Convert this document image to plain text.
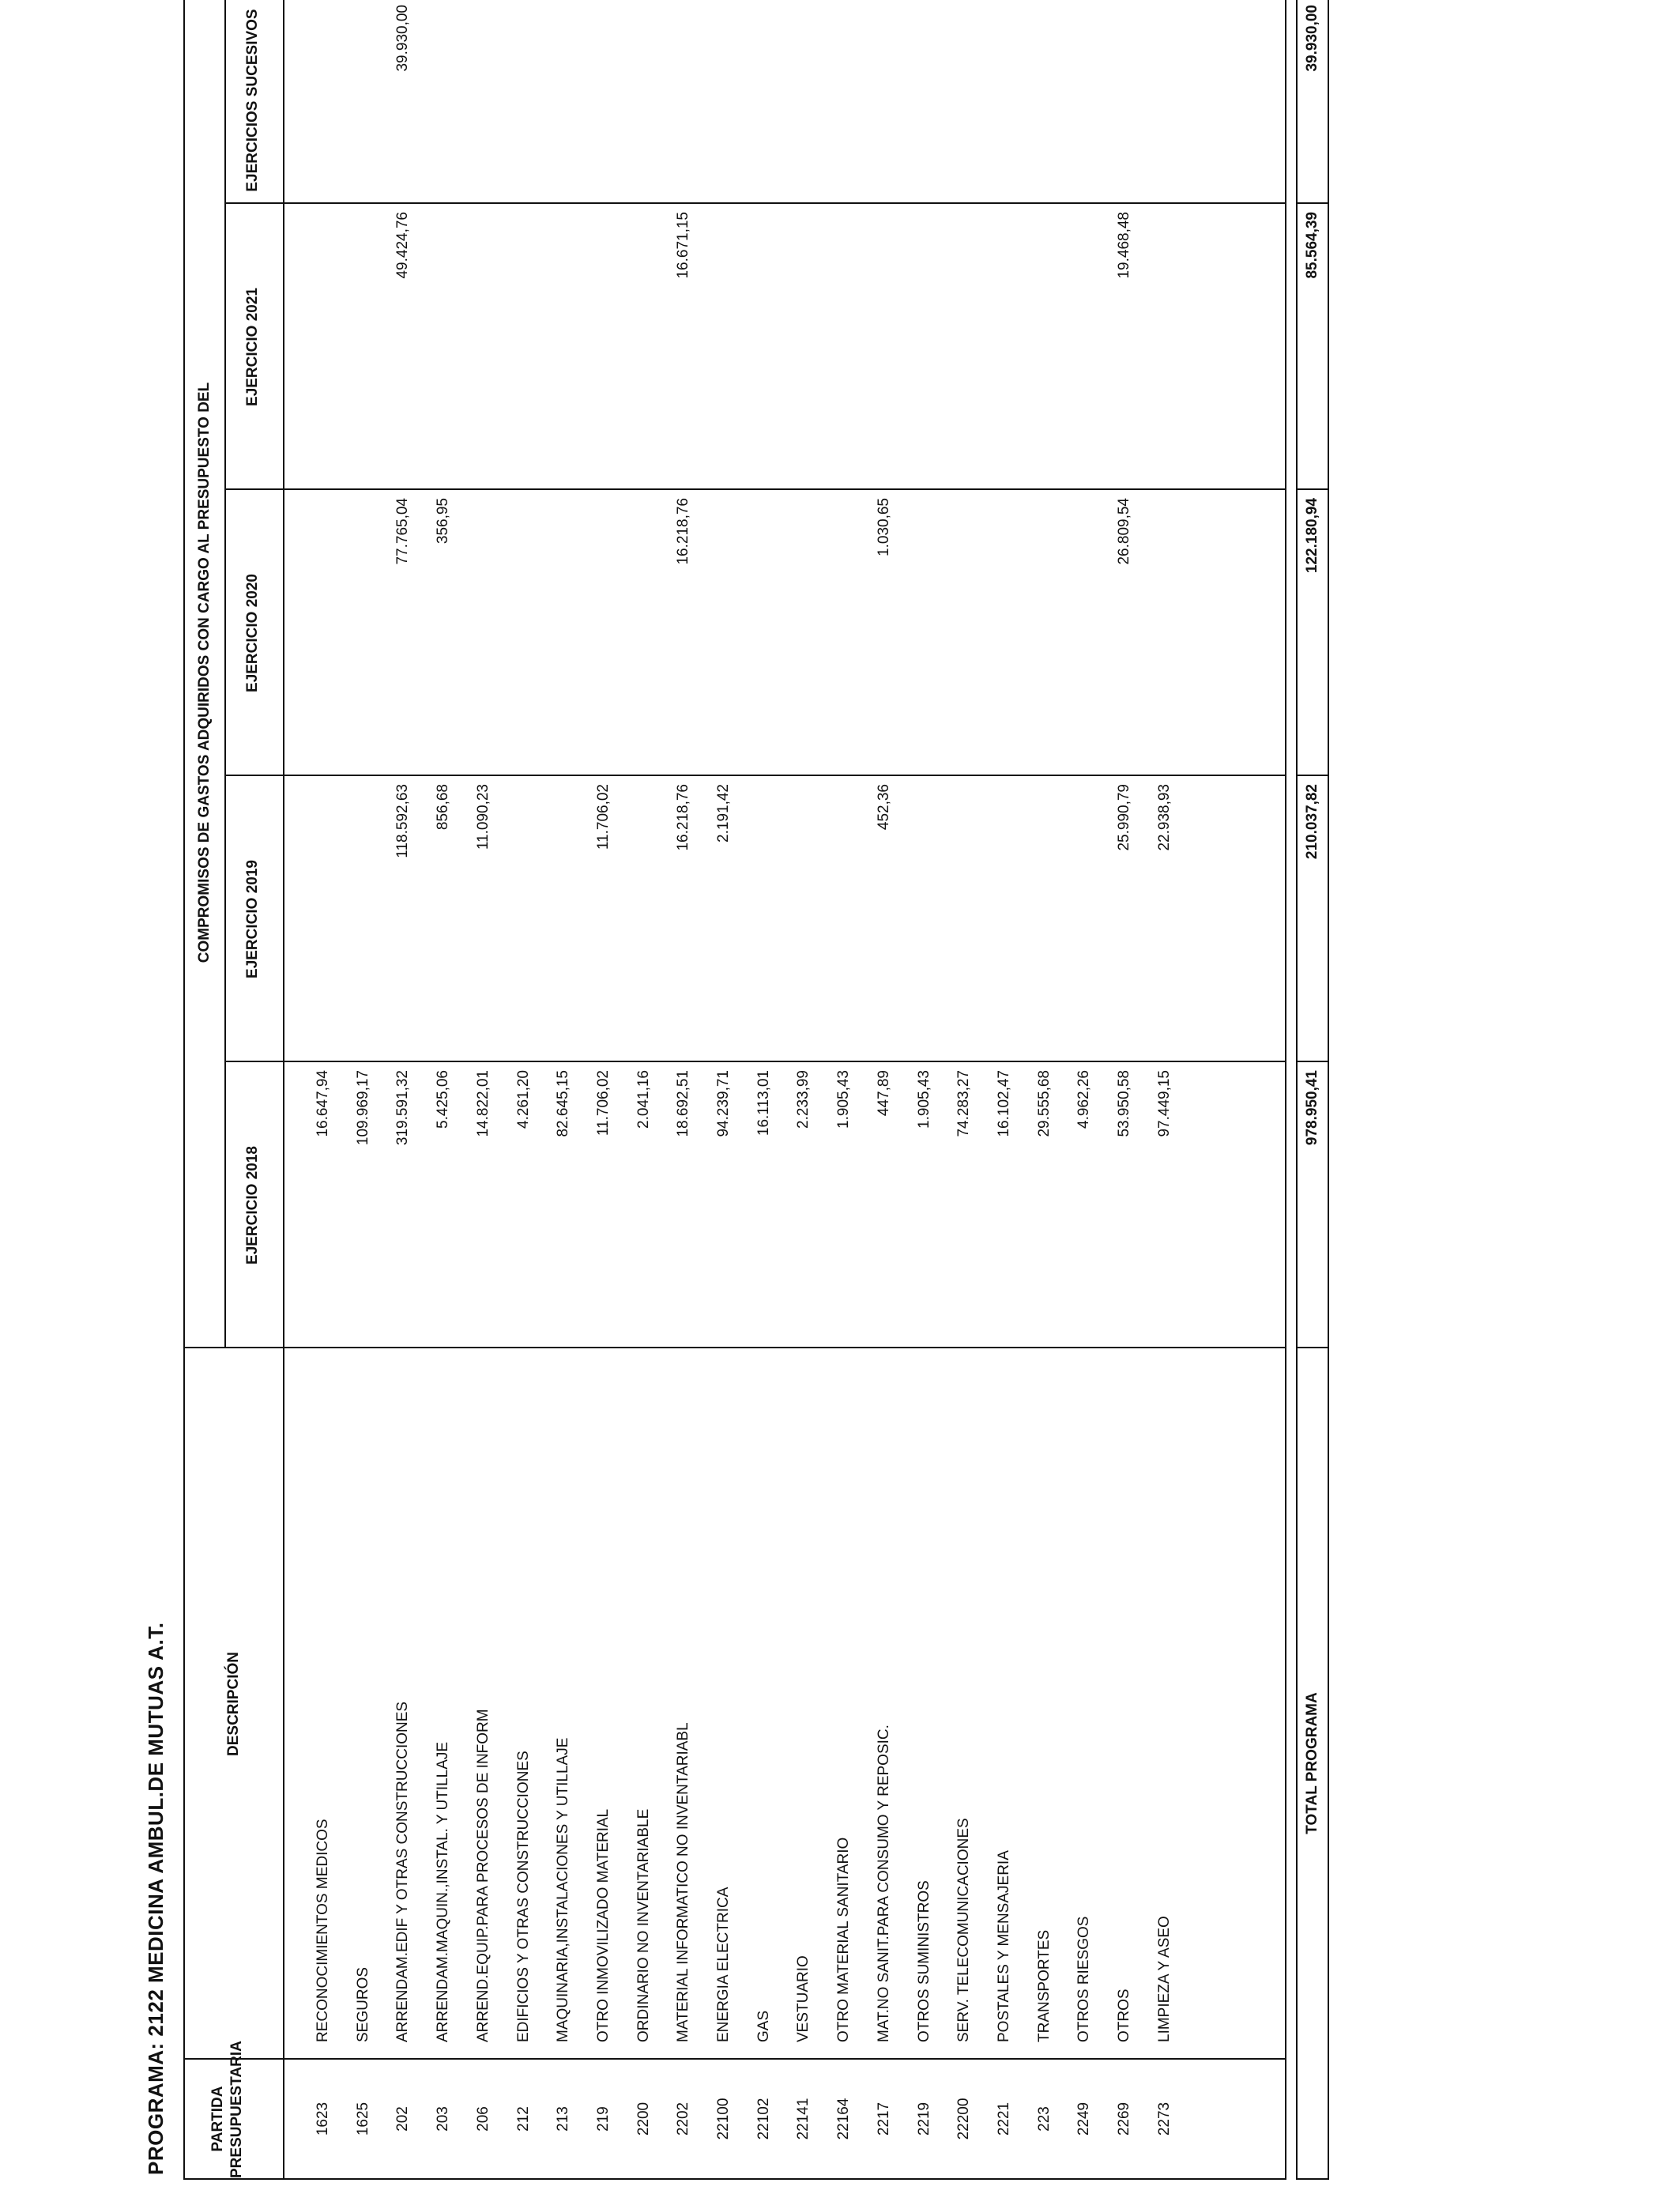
PROGRAMA: 2122 MEDICINA AMBUL.DE MUTUAS A.T.	PARTIDA PRESUPUESTARIA
DESCRIPCIÓN
COMPROMISOS DE GASTOS ADQUIRIDOS CON CARGO AL PRESUPUESTO DEL
EJERCICIO 2018
EJERCICIO 2019
EJERCICIO 2020
EJERCICIO 2021
EJERCICIOS SUCESIVOS
1623
RECONOCIMIENTOS MEDICOS
16.647,94
1625
SEGUROS
109.969,17
202
ARRENDAM.EDIF Y OTRAS CONSTRUCCIONES
319.591,32
118.592,63
77.765,04
49.424,76
39.930,00
203
ARRENDAM.MAQUIN.,INSTAL. Y UTILLAJE
5.425,06
856,68
356,95
206
ARREND.EQUIP.PARA PROCESOS DE INFORM
14.822,01
11.090,23
212
EDIFICIOS Y OTRAS CONSTRUCCIONES
4.261,20
213
MAQUINARIA,INSTALACIONES Y UTILLAJE
82.645,15
219
OTRO INMOVILIZADO MATERIAL
11.706,02
11.706,02
2200
ORDINARIO NO INVENTARIABLE
2.041,16
2202
MATERIAL INFORMATICO NO INVENTARIABL
18.692,51
16.218,76
16.218,76
16.671,15
22100
ENERGIA ELECTRICA
94.239,71
2.191,42
22102
GAS
16.113,01
22141
VESTUARIO
2.233,99
22164
OTRO MATERIAL SANITARIO
1.905,43
2217
MAT.NO SANIT.PARA CONSUMO Y REPOSIC.
447,89
452,36
1.030,65
2219
OTROS SUMINISTROS
1.905,43
22200
SERV. TELECOMUNICACIONES
74.283,27
2221
POSTALES Y MENSAJERIA
16.102,47
223
TRANSPORTES
29.555,68
2249
OTROS RIESGOS
4.962,26
2269
OTROS
53.950,58
25.990,79
26.809,54
19.468,48
2273
LIMPIEZA Y ASEO
97.449,15
22.938,93
TOTAL PROGRAMA
978.950,41
210.037,82
122.180,94
85.564,39
39.930,00
